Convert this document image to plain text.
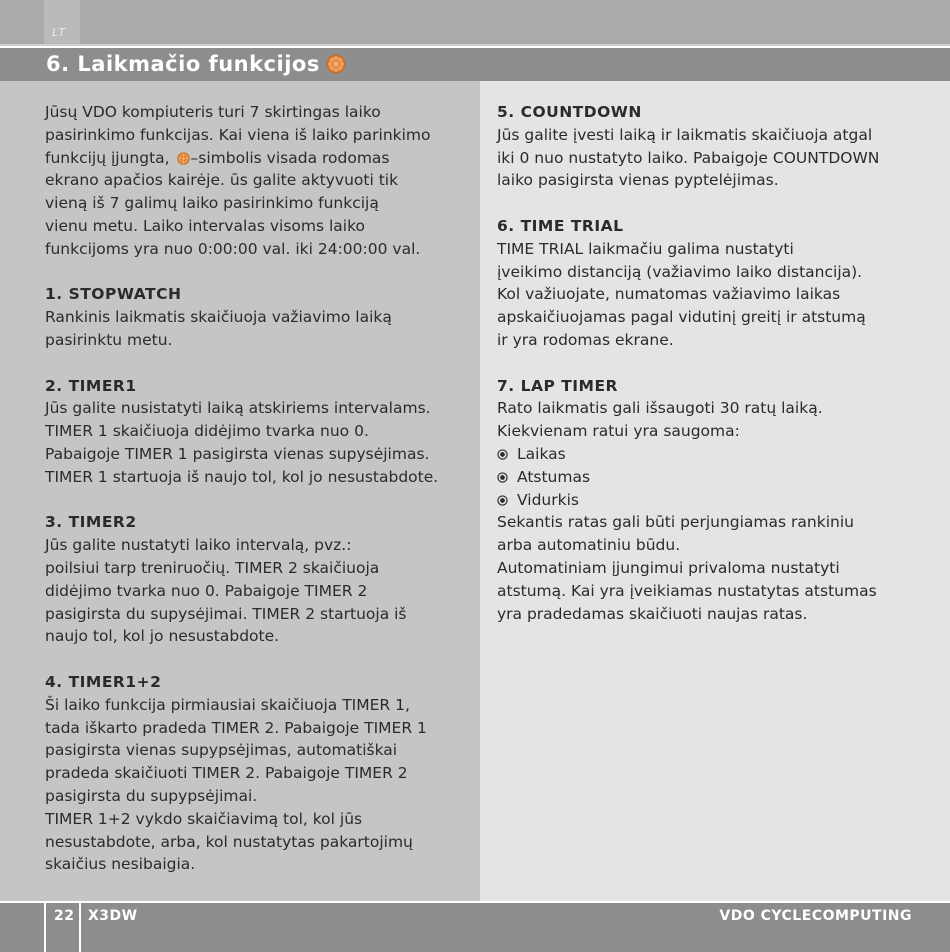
LT
6. Laikmačio funkcijos

Jūsų VDO kompiuteris turi 7 skirtingas laiko
pasirinkimo funkcijas. Kai viena iš laiko parinkimo
funkcijų įjungta, –simbolis visada rodomas
ekrano apačios kairėje. ūs galite aktyvuoti tik
vieną iš 7 galimų laiko pasirinkimo funkciją
vienu metu. Laiko intervalas visoms laiko
funkcijoms yra nuo 0:00:00 val. iki 24:00:00 val.

1. STOPWATCH
Rankinis laikmatis skaičiuoja važiavimo laiką
pasirinktu metu.

2. TIMER1
Jūs galite nusistatyti laiką atskiriems intervalams.
TIMER 1 skaičiuoja didėjimo tvarka nuo 0.
Pabaigoje TIMER 1 pasigirsta vienas supysėjimas.
TIMER 1 startuoja iš naujo tol, kol jo nesustabdote.

3. TIMER2
Jūs galite nustatyti laiko intervalą, pvz.:
poilsiui tarp treniruočių. TIMER 2 skaičiuoja
didėjimo tvarka nuo 0. Pabaigoje TIMER 2
pasigirsta du supysėjimai. TIMER 2 startuoja iš
naujo tol, kol jo nesustabdote.

4. TIMER1+2
Ši laiko funkcija pirmiausiai skaičiuoja TIMER 1,
tada iškarto pradeda TIMER 2. Pabaigoje TIMER 1
pasigirsta vienas supypsėjimas, automatiškai
pradeda skaičiuoti TIMER 2. Pabaigoje TIMER 2
pasigirsta du supypsėjimai.
TIMER 1+2 vykdo skaičiavimą tol, kol jūs
nesustabdote, arba, kol nustatytas pakartojimų
skaičius nesibaigia.

5. COUNTDOWN
Jūs galite įvesti laiką ir laikmatis skaičiuoja atgal
iki 0 nuo nustatyto laiko. Pabaigoje COUNTDOWN
laiko pasigirsta vienas pyptelėjimas.

6. TIME TRIAL
TIME TRIAL laikmačiu galima nustatyti
įveikimo distanciją (važiavimo laiko distancija).
Kol važiuojate, numatomas važiavimo laikas
apskaičiuojamas pagal vidutinį greitį ir atstumą
ir yra rodomas ekrane.

7. LAP TIMER
Rato laikmatis gali išsaugoti 30 ratų laiką.
Kiekvienam ratui yra saugoma:
Laikas
Atstumas
Vidurkis
Sekantis ratas gali būti perjungiamas rankiniu
arba automatiniu būdu.
Automatiniam įjungimui privaloma nustatyti
atstumą. Kai yra įveikiamas nustatytas atstumas
yra pradedamas skaičiuoti naujas ratas.

22 X3DW	VDO CYCLECOMPUTING
